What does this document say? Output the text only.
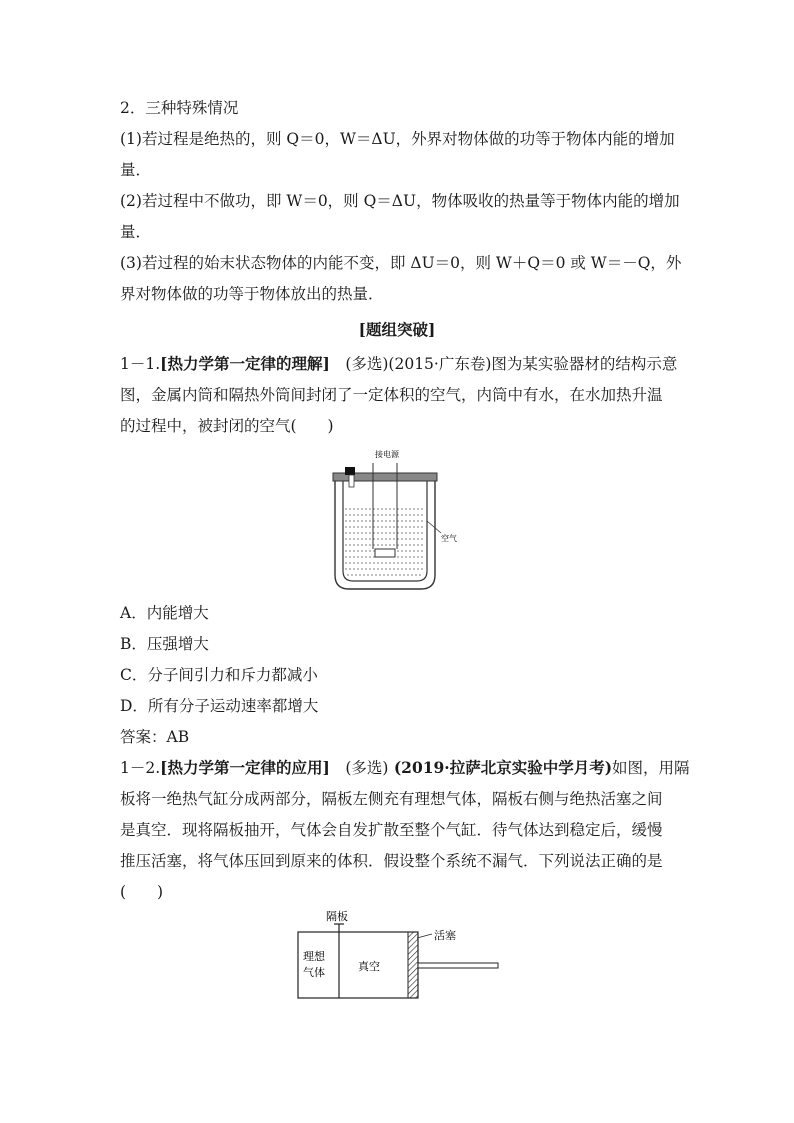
2．三种特殊情况
(1)若过程是绝热的，则 Q＝0，W＝ΔU，外界对物体做的功等于物体内能的增加
量．
(2)若过程中不做功，即 W＝0，则 Q＝ΔU，物体吸收的热量等于物体内能的增加
量．
(3)若过程的始末状态物体的内能不变，即 ΔU＝0，则 W＋Q＝0 或 W＝－Q，外
界对物体做的功等于物体放出的热量．
[题组突破]
1－1.[热力学第一定律的理解]　(多选)(2015·广东卷)图为某实验器材的结构示意
图，金属内筒和隔热外筒间封闭了一定体积的空气，内筒中有水，在水加热升温
的过程中，被封闭的空气(　　)
接电源
空气
A．内能增大
B．压强增大
C．分子间引力和斥力都减小
D．所有分子运动速率都增大
答案：AB
1－2.[热力学第一定律的应用]　(多选) (2019·拉萨北京实验中学月考)如图，用隔
板将一绝热气缸分成两部分，隔板左侧充有理想气体，隔板右侧与绝热活塞之间
是真空．现将隔板抽开，气体会自发扩散至整个气缸．待气体达到稳定后，缓慢
推压活塞，将气体压回到原来的体积．假设整个系统不漏气．下列说法正确的是
(　　)
隔板
理想
气体	真空
活塞
